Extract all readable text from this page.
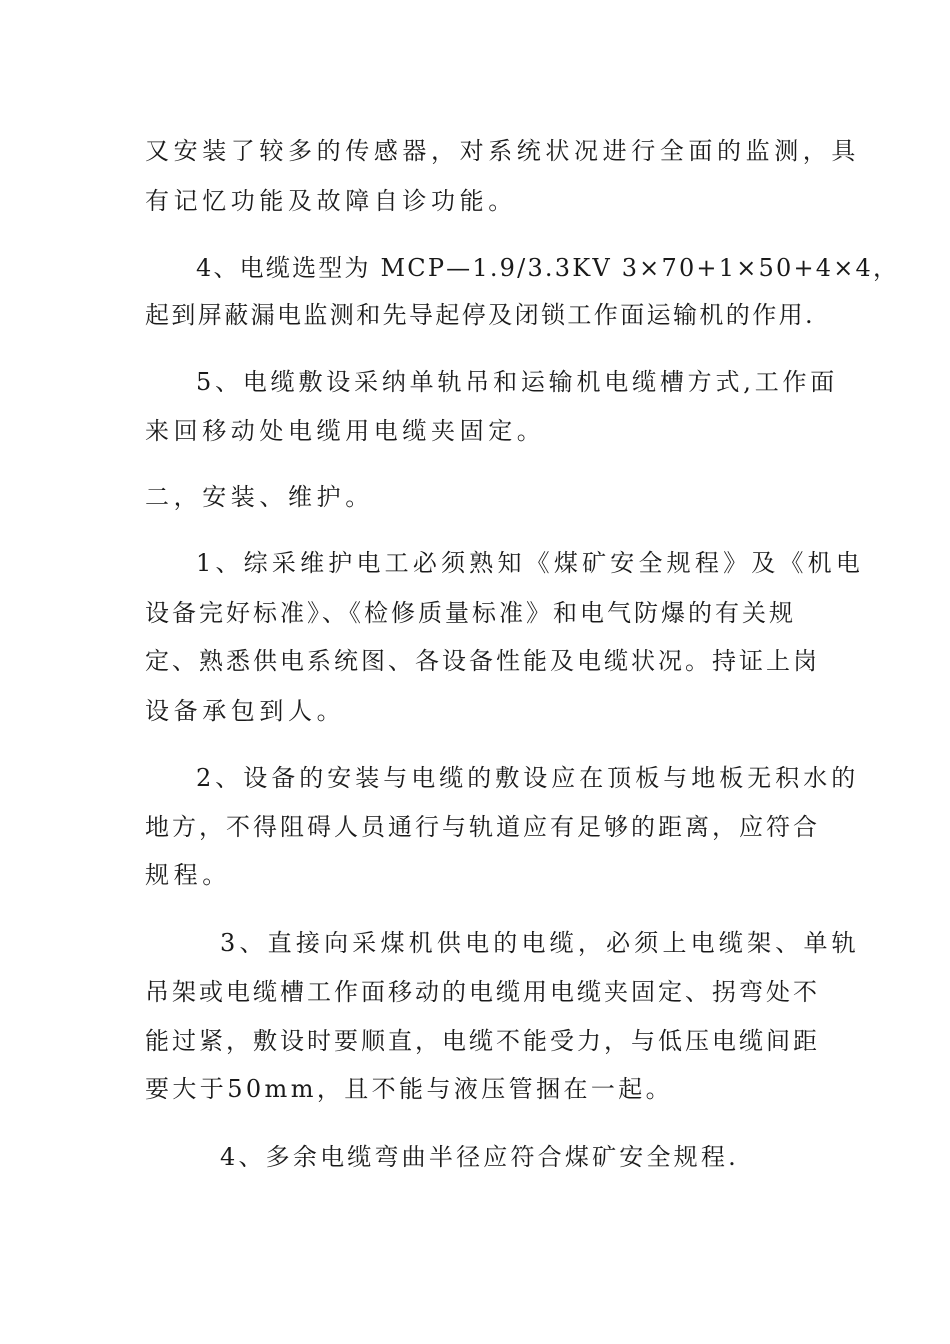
又安装了较多的传感器，对系统状况进行全面的监测，具
有记忆功能及故障自诊功能。
4、电缆选型为 MCP—1.9/3.3KV 3×70+1×50+4×4，
起到屏蔽漏电监测和先导起停及闭锁工作面运输机的作用.
5、电缆敷设采纳单轨吊和运输机电缆槽方式,工作面
来回移动处电缆用电缆夹固定。
二，安装、维护。
1、综采维护电工必须熟知《煤矿安全规程》及《机电
设备完好标准》、《检修质量标准》和电气防爆的有关规
定、熟悉供电系统图、各设备性能及电缆状况。持证上岗
设备承包到人。
2、设备的安装与电缆的敷设应在顶板与地板无积水的
地方，不得阻碍人员通行与轨道应有足够的距离，应符合
规程。
3、直接向采煤机供电的电缆，必须上电缆架、单轨
吊架或电缆槽工作面移动的电缆用电缆夹固定、拐弯处不
能过紧，敷设时要顺直，电缆不能受力，与低压电缆间距
要大于50mm，且不能与液压管捆在一起。
4、多余电缆弯曲半径应符合煤矿安全规程.
